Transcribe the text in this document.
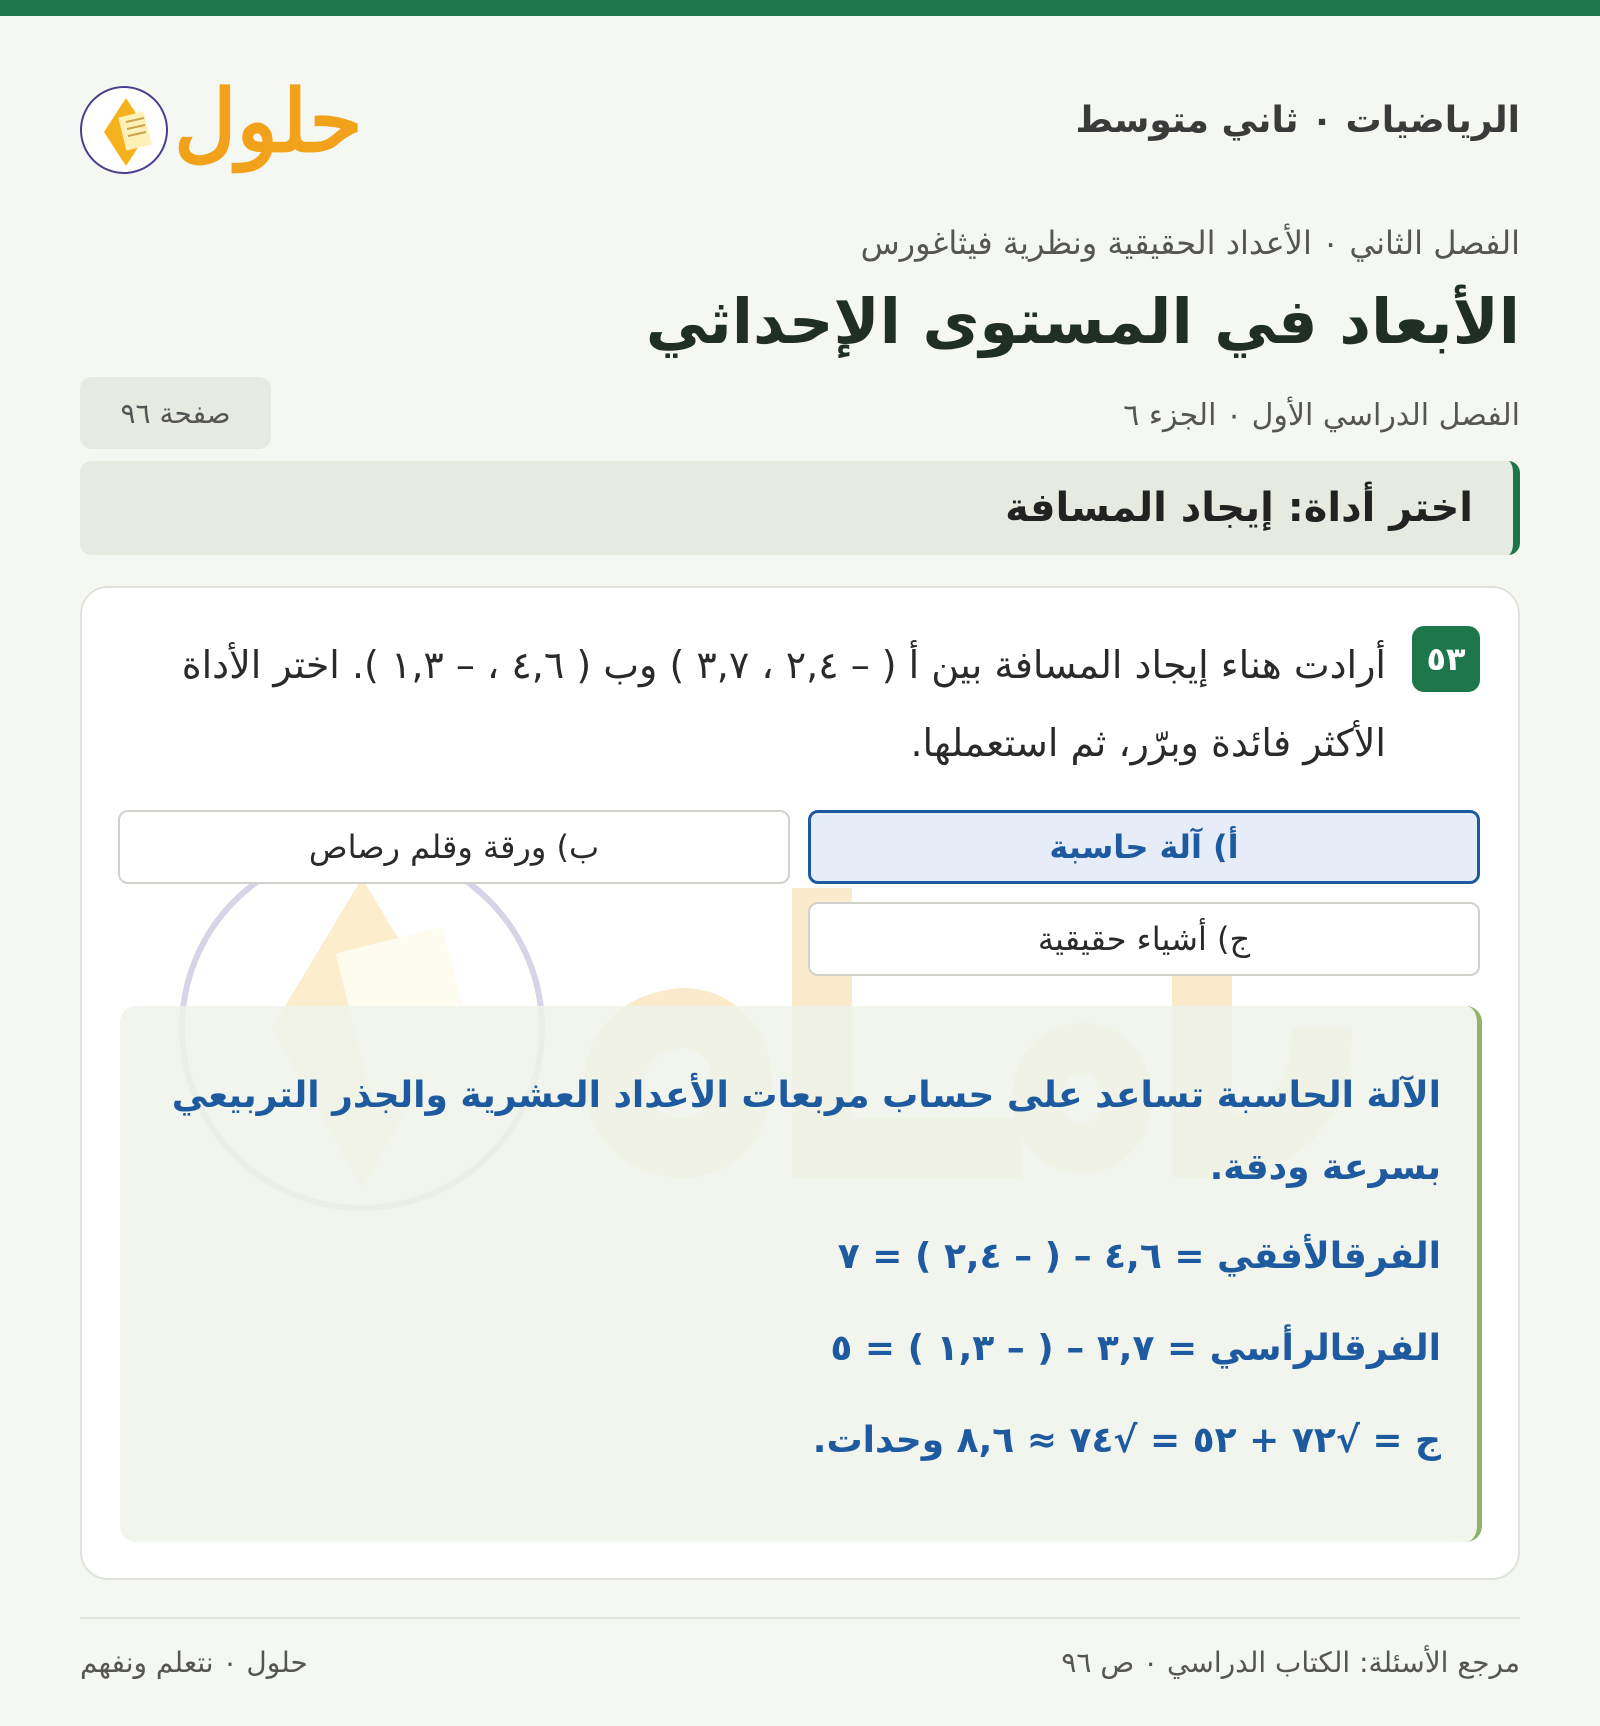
الرياضيات ٠ ثاني متوسط
حلول
الفصل الثاني ٠ الأعداد الحقيقية ونظرية فيثاغورس
الأبعاد في المستوى الإحداثي
الفصل الدراسي الأول ٠ الجزء ٦
صفحة ٩٦
اختر أداة: إيجاد المسافة
٥٣
أرادت هناء إيجاد المسافة بين أ ( – ٢,٤ ، ٣,٧ ) وب ( ٤,٦ ، – ١,٣ ). اختر الأداة الأكثر فائدة وبرّر، ثم استعملها.
أ) آلة حاسبة
ب) ورقة وقلم رصاص
ج) أشياء حقيقية
الآلة الحاسبة تساعد على حساب مربعات الأعداد العشرية والجذر التربيعي بسرعة ودقة.
الفرقالأفقي = ٤,٦ – ( – ٢,٤ ) = ٧
الفرقالرأسي = ٣,٧ – ( – ١,٣ ) = ٥
ج = √٧٢ + ٥٢ = √٧٤ ≈ ٨,٦ وحدات.
مرجع الأسئلة: الكتاب الدراسي ٠ ص ٩٦
حلول ٠ نتعلم ونفهم
